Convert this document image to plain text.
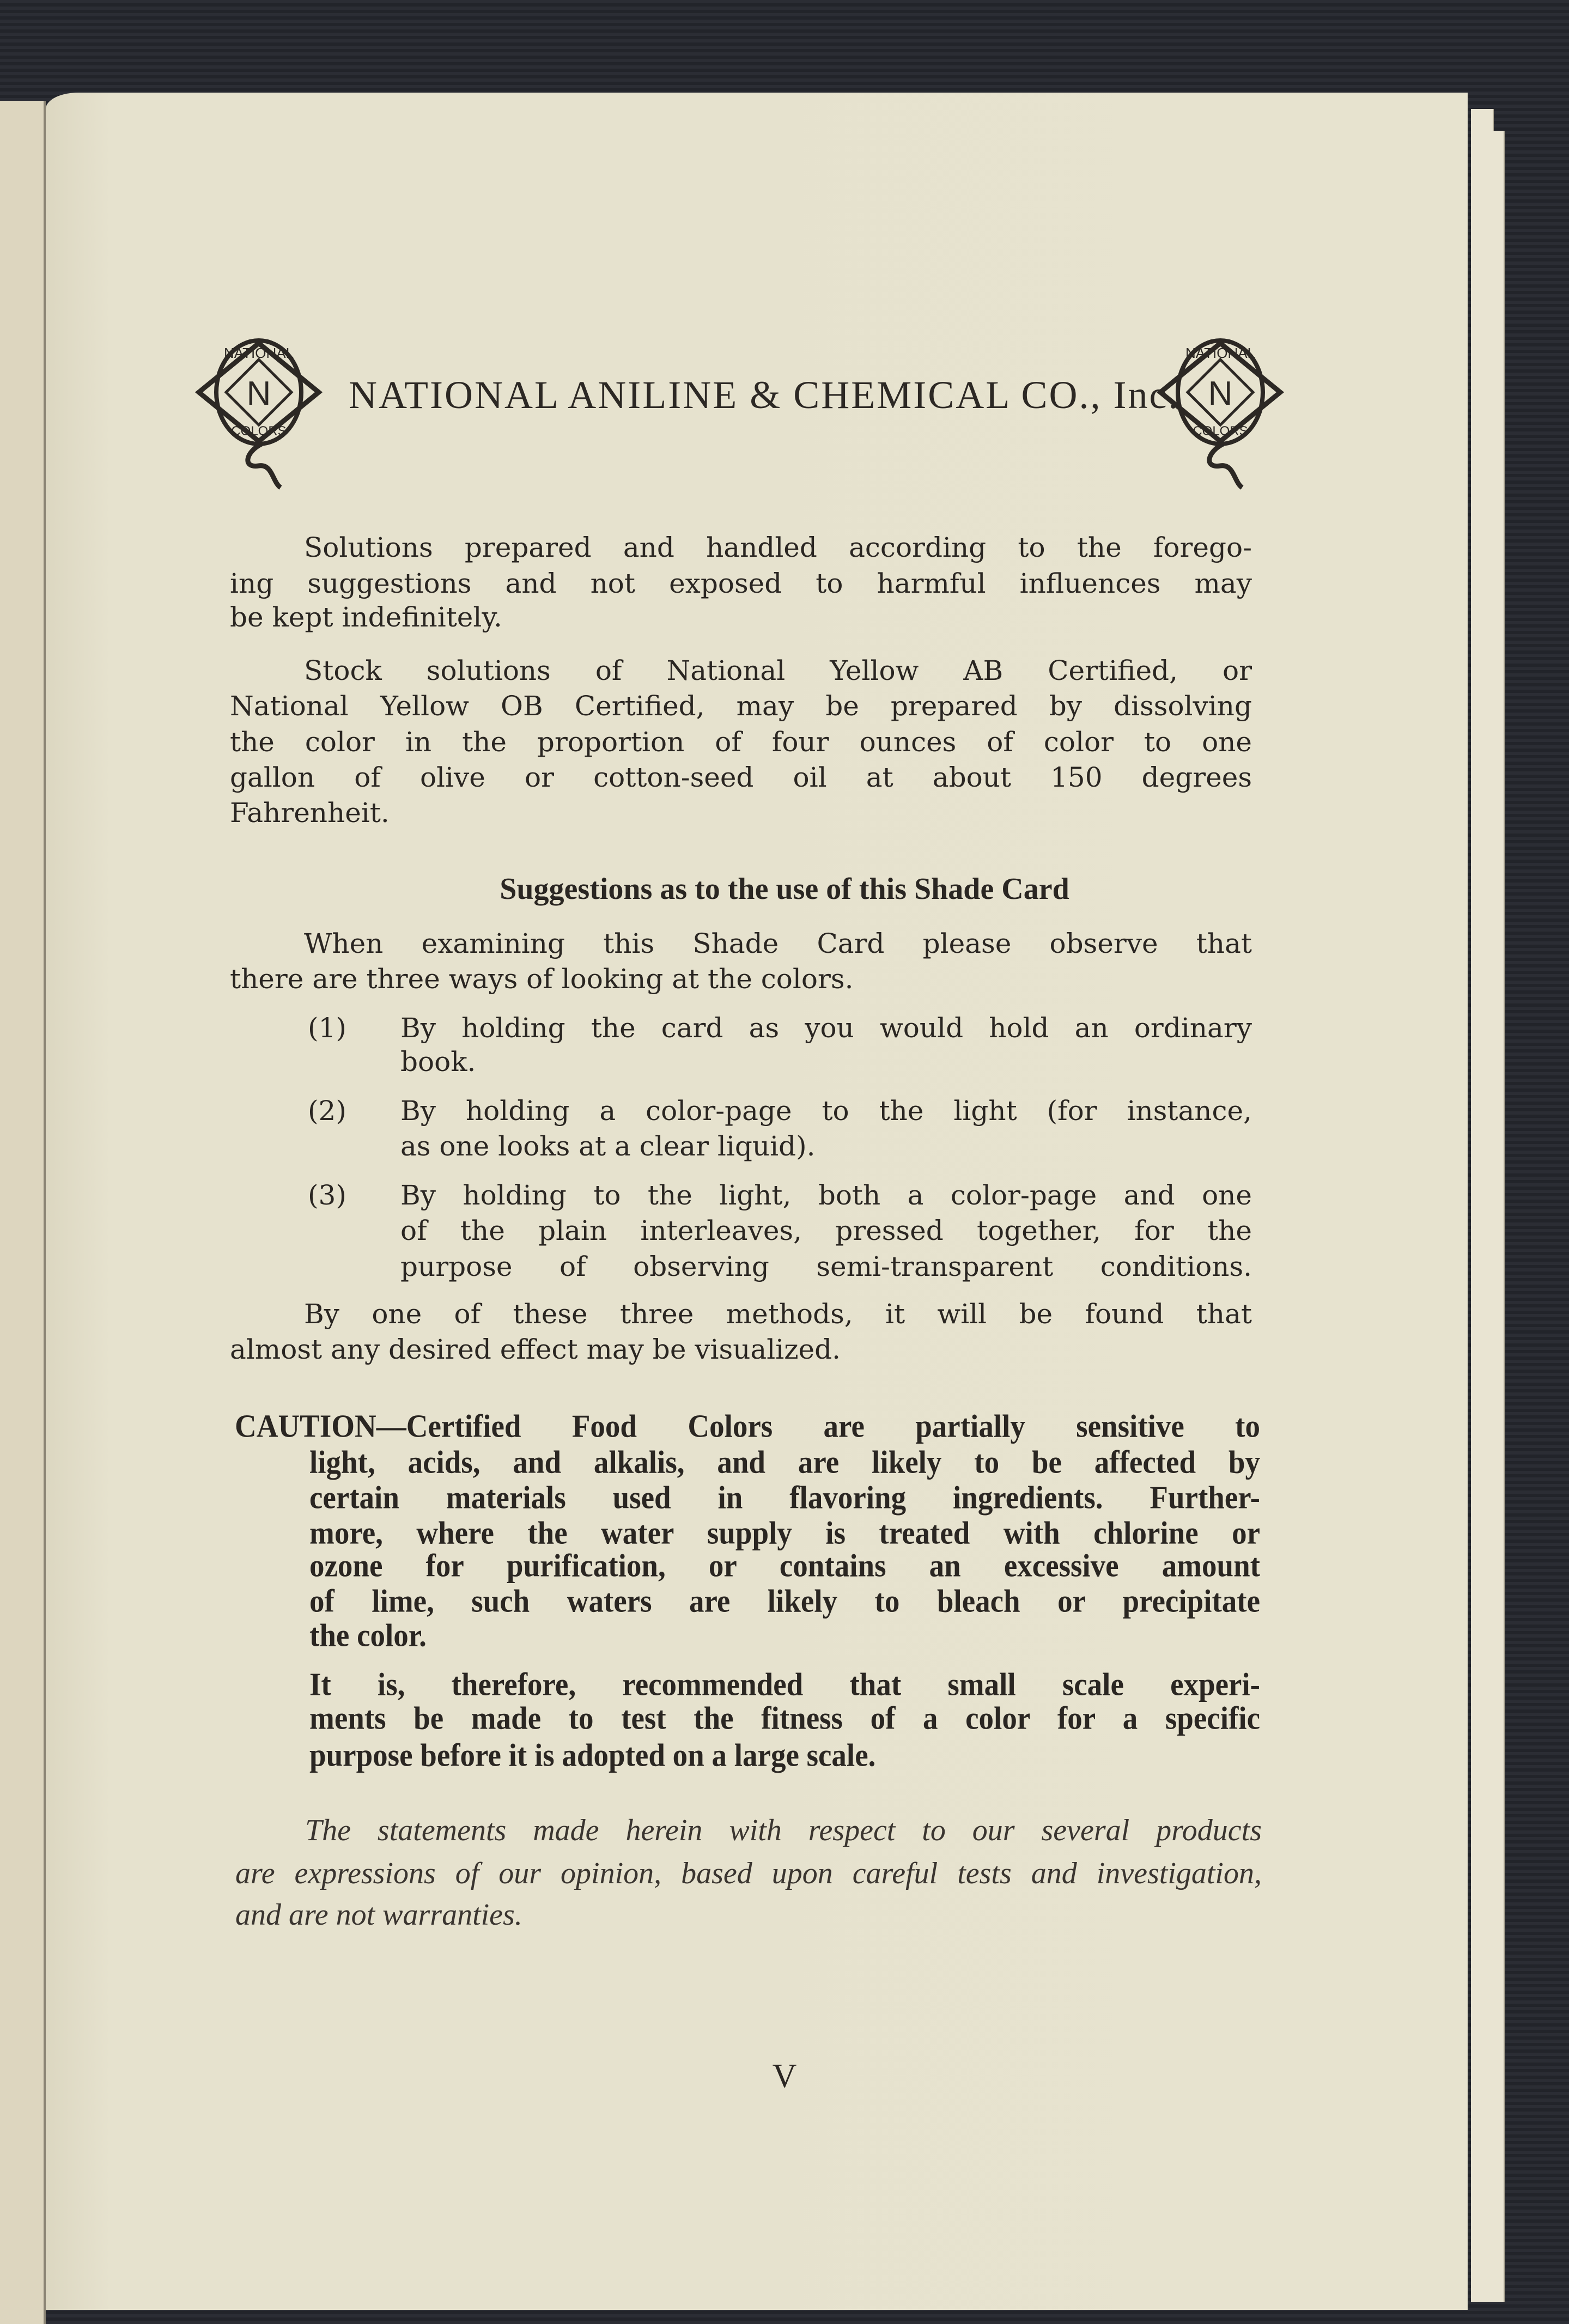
N
NATIONAL
COLORS
NATIONAL ANILINE & CHEMICAL CO., Inc. N
NATIONAL
COLORS
Solutions prepared and handled according to the forego-
ing suggestions and not exposed to harmful influences may
be kept indefinitely.
Stock solutions of National Yellow AB Certified, or
National Yellow OB Certified, may be prepared by dissolving
the color in the proportion of four ounces of color to one
gallon of olive or cotton-seed oil at about 150 degrees
Fahrenheit.
Suggestions as to the use of this Shade Card
When examining this Shade Card please observe that
there are three ways of looking at the colors.
(1) By holding the card as you would hold an ordinary
book.
(2) By holding a color-page to the light (for instance,
as one looks at a clear liquid).
(3) By holding to the light, both a color-page and one
of the plain interleaves, pressed together, for the
purpose of observing semi-transparent conditions.
By one of these three methods, it will be found that
almost any desired effect may be visualized.
CAUTION—Certified Food Colors are partially sensitive to
light, acids, and alkalis, and are likely to be affected by
certain materials used in flavoring ingredients. Further-
more, where the water supply is treated with chlorine or
ozone for purification, or contains an excessive amount
of lime, such waters are likely to bleach or precipitate
the color.
It is, therefore, recommended that small scale experi-
ments be made to test the fitness of a color for a specific
purpose before it is adopted on a large scale.
The statements made herein with respect to our several products
are expressions of our opinion, based upon careful tests and investigation,
and are not warranties.
V
